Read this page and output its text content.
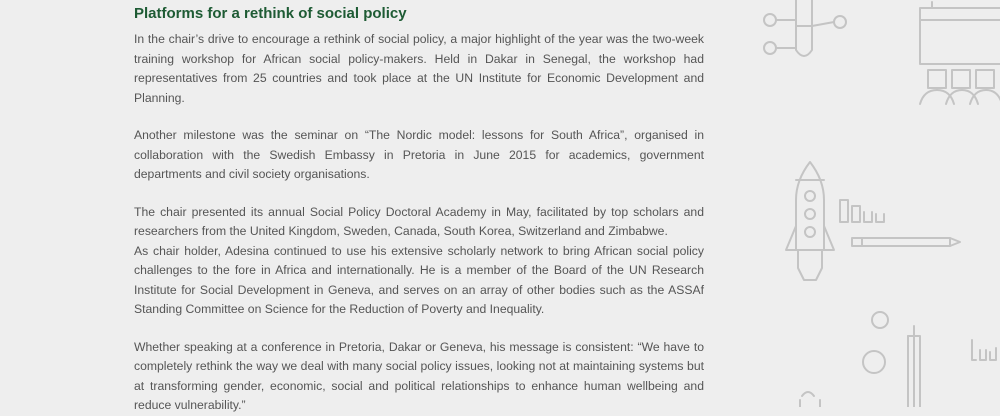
Platforms for a rethink of social policy

In the chair’s drive to encourage a rethink of social policy, a major highlight of the year was the two-week training workshop for African social policy-makers. Held in Dakar in Senegal, the workshop had representatives from 25 countries and took place at the UN Institute for Economic Development and Planning.

Another milestone was the seminar on “The Nordic model: lessons for South Africa”, organised in collaboration with the Swedish Embassy in Pretoria in June 2015 for academics, government departments and civil society organisations.

The chair presented its annual Social Policy Doctoral Academy in May, facilitated by top scholars and researchers from the United Kingdom, Sweden, Canada, South Korea, Switzerland and Zimbabwe.

As chair holder, Adesina continued to use his extensive scholarly network to bring African social policy challenges to the fore in Africa and internationally. He is a member of the Board of the UN Research Institute for Social Development in Geneva, and serves on an array of other bodies such as the ASSAf Standing Committee on Science for the Reduction of Poverty and Inequality.

Whether speaking at a conference in Pretoria, Dakar or Geneva, his message is consistent: “We have to completely rethink the way we deal with many social policy issues, looking not at maintaining systems but at transforming gender, economic, social and political relationships to enhance human wellbeing and reduce vulnerability.”
